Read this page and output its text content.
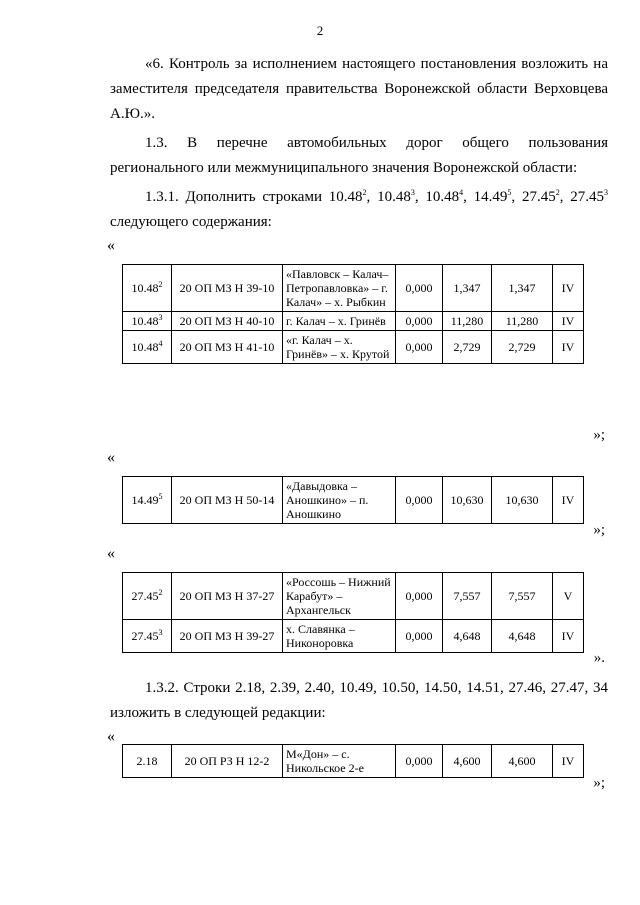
2
«6. Контроль за исполнением настоящего постановления возложить на заместителя председателя правительства Воронежской области Верховцева А.Ю.».
1.3. В перечне автомобильных дорог общего пользования регионального или межмуниципального значения Воронежской области:
1.3.1. Дополнить строками 10.48$^2$, 10.48$^3$, 10.48$^4$, 14.49$^5$, 27.45$^2$, 27.45$^3$ следующего содержания:
«
10.48$^2$	20 ОП МЗ Н 39-10	«Павловск – Калач– Петропавловка» – г. Калач» – х. Рыбкин	0,000	1,347	1,347	IV
10.48$^3$	20 ОП МЗ Н 40-10	г. Калач – х. Гринёв	0,000	11,280	11,280	IV
10.48$^4$	20 ОП МЗ Н 41-10	«г. Калач – х. Гринёв» – х. Крутой	0,000	2,729	2,729	IV
»;
«
14.49$^5$	20 ОП МЗ Н 50-14	«Давыдовка – Аношкино» – п. Аношкино	0,000	10,630	10,630	IV
»;
«
27.45$^2$	20 ОП МЗ Н 37-27	«Россошь – Нижний Карабут» – Архангельск	0,000	7,557	7,557	V
27.45$^3$	20 ОП МЗ Н 39-27	х. Славянка – Никоноровка	0,000	4,648	4,648	IV
».
1.3.2. Строки 2.18, 2.39, 2.40, 10.49, 10.50, 14.50, 14.51, 27.46, 27.47, 34 изложить в следующей редакции:
«
2.18	20 ОП РЗ Н 12-2	М«Дон» – с. Никольское 2-е	0,000	4,600	4,600	IV
»;
